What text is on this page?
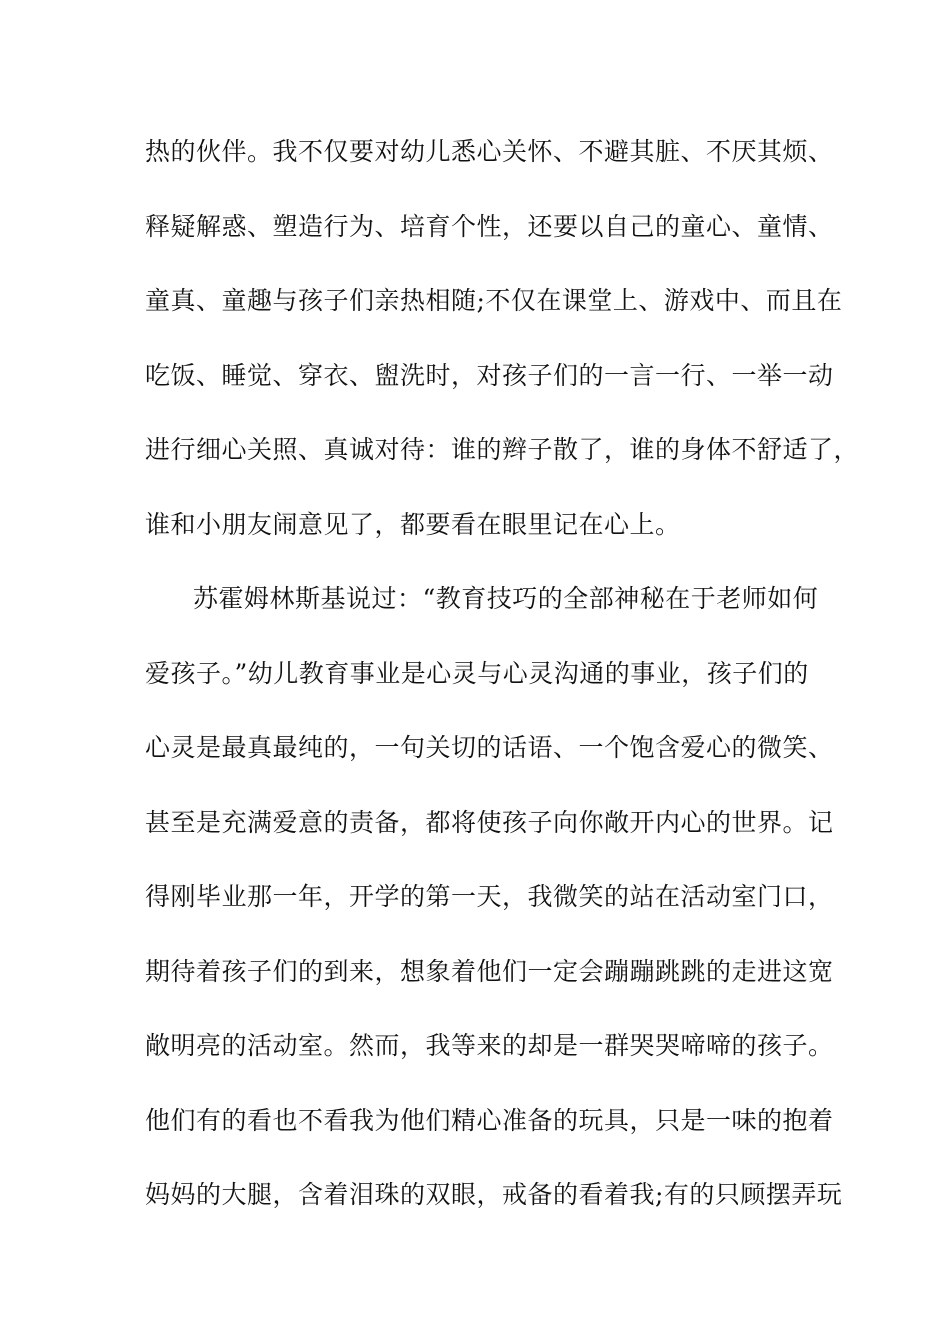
热的伙伴。我不仅要对幼儿悉心关怀、不避其脏、不厌其烦、
释疑解惑、塑造行为、培育个性，还要以自己的童心、童情、
童真、童趣与孩子们亲热相随;不仅在课堂上、游戏中、而且在
吃饭、睡觉、穿衣、盥洗时，对孩子们的一言一行、一举一动
进行细心关照、真诚对待：谁的辫子散了，谁的身体不舒适了，
谁和小朋友闹意见了，都要看在眼里记在心上。
苏霍姆林斯基说过：“教育技巧的全部神秘在于老师如何
爱孩子。”幼儿教育事业是心灵与心灵沟通的事业，孩子们的
心灵是最真最纯的，一句关切的话语、一个饱含爱心的微笑、
甚至是充满爱意的责备，都将使孩子向你敞开内心的世界。记
得刚毕业那一年，开学的第一天，我微笑的站在活动室门口，
期待着孩子们的到来，想象着他们一定会蹦蹦跳跳的走进这宽
敞明亮的活动室。然而，我等来的却是一群哭哭啼啼的孩子。
他们有的看也不看我为他们精心准备的玩具，只是一味的抱着
妈妈的大腿，含着泪珠的双眼，戒备的看着我;有的只顾摆弄玩
